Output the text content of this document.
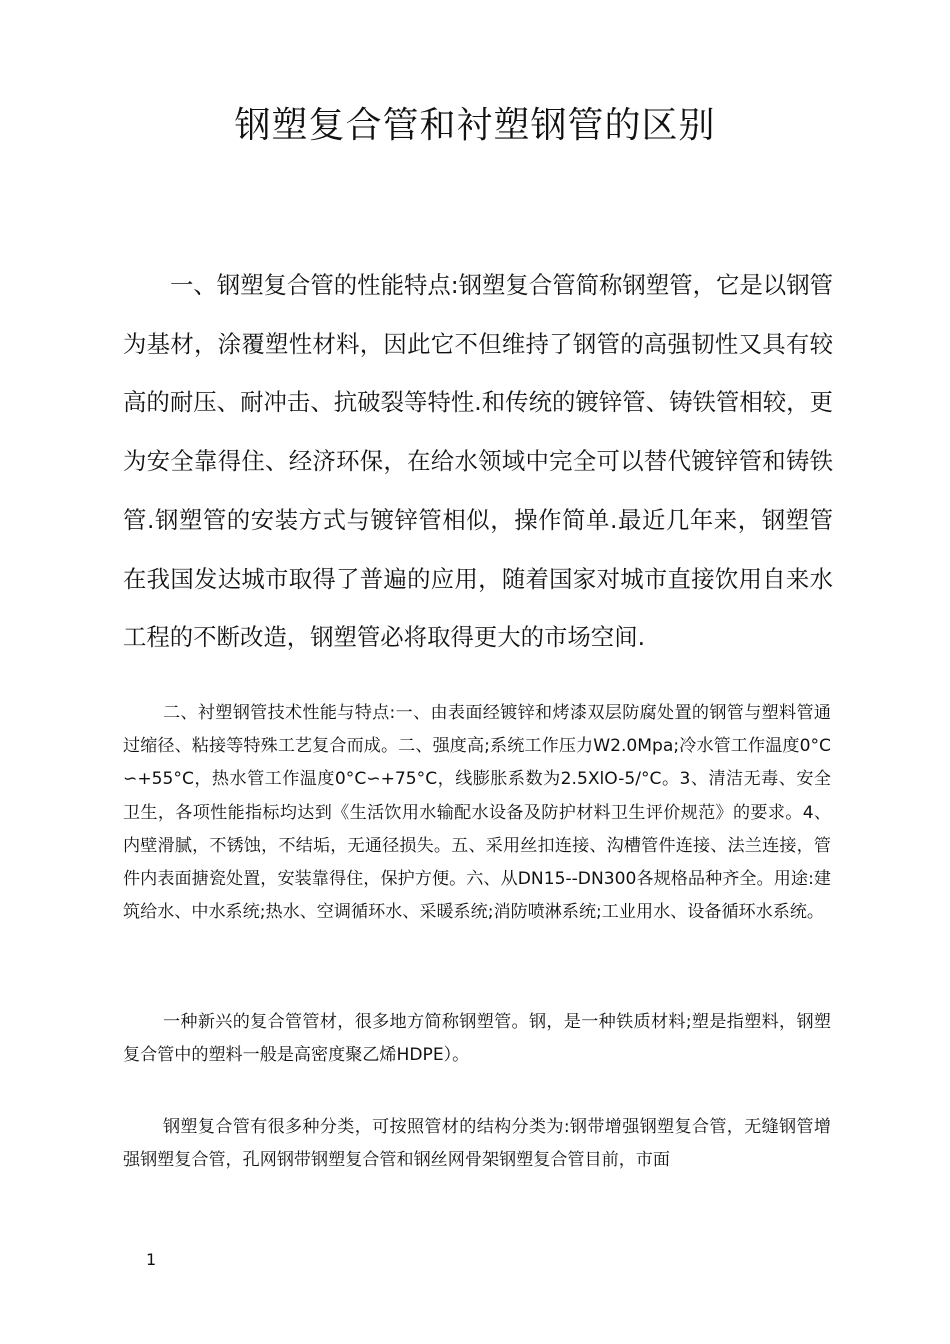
钢塑复合管和衬塑钢管的区别

一、钢塑复合管的性能特点:钢塑复合管简称钢塑管，它是以钢管为基材，涂覆塑性材料，因此它不但维持了钢管的高强韧性又具有较高的耐压、耐冲击、抗破裂等特性.和传统的镀锌管、铸铁管相较，更为安全靠得住、经济环保，在给水领域中完全可以替代镀锌管和铸铁管.钢塑管的安装方式与镀锌管相似，操作简单.最近几年来，钢塑管在我国发达城市取得了普遍的应用，随着国家对城市直接饮用自来水工程的不断改造，钢塑管必将取得更大的市场空间.

二、衬塑钢管技术性能与特点:一、由表面经镀锌和烤漆双层防腐处置的钢管与塑料管通过缩径、粘接等特殊工艺复合而成。二、强度高;系统工作压力W2.0Mpa;冷水管工作温度0°C∽+55°C，热水管工作温度0°C∽+75°C，线膨胀系数为2.5XlO-5/°C。3、清洁无毒、安全卫生，各项性能指标均达到《生活饮用水输配水设备及防护材料卫生评价规范》的要求。4、内壁滑腻，不锈蚀，不结垢，无通径损失。五、采用丝扣连接、沟槽管件连接、法兰连接，管件内表面搪瓷处置，安装靠得住，保护方便。六、从DN15--DN300各规格品种齐全。用途:建筑给水、中水系统;热水、空调循环水、采暖系统;消防喷淋系统;工业用水、设备循环水系统。

一种新兴的复合管管材，很多地方简称钢塑管。钢，是一种铁质材料;塑是指塑料，钢塑复合管中的塑料一般是高密度聚乙烯HDPE）。

钢塑复合管有很多种分类，可按照管材的结构分类为:钢带增强钢塑复合管，无缝钢管增强钢塑复合管，孔网钢带钢塑复合管和钢丝网骨架钢塑复合管目前，市面

1
